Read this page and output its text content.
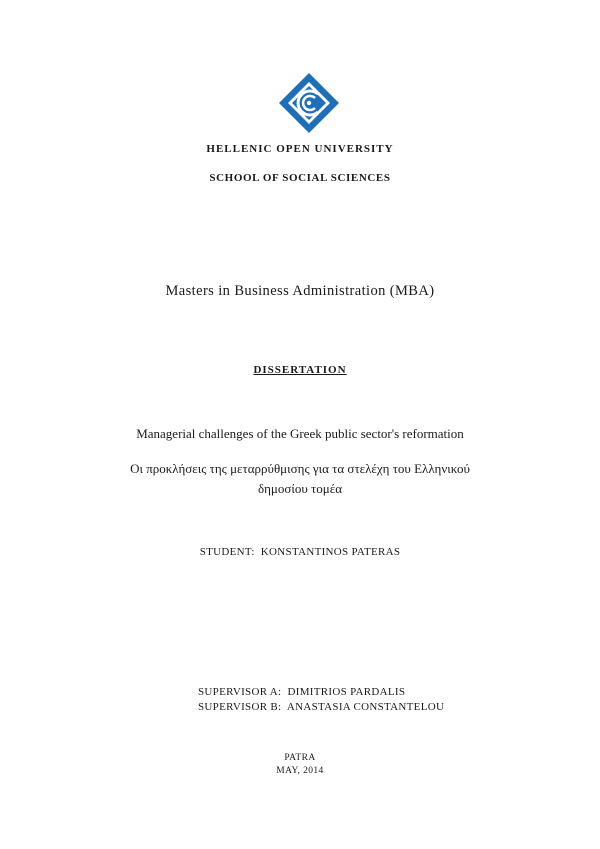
HELLENIC OPEN UNIVERSITY
SCHOOL OF SOCIAL SCIENCES
Masters in Business Administration (MBA)
DISSERTATION
Managerial challenges of the Greek public sector's reformation
Οι προκλήσεις της μεταρρύθμισης για τα στελέχη του Ελληνικού
δημοσίου τομέα
STUDENT:  KONSTANTINOS PATERAS
SUPERVISOR A:  DIMITRIOS PARDALIS
SUPERVISOR B:  ANASTASIA CONSTANTELOU
PATRA
MAY, 2014
